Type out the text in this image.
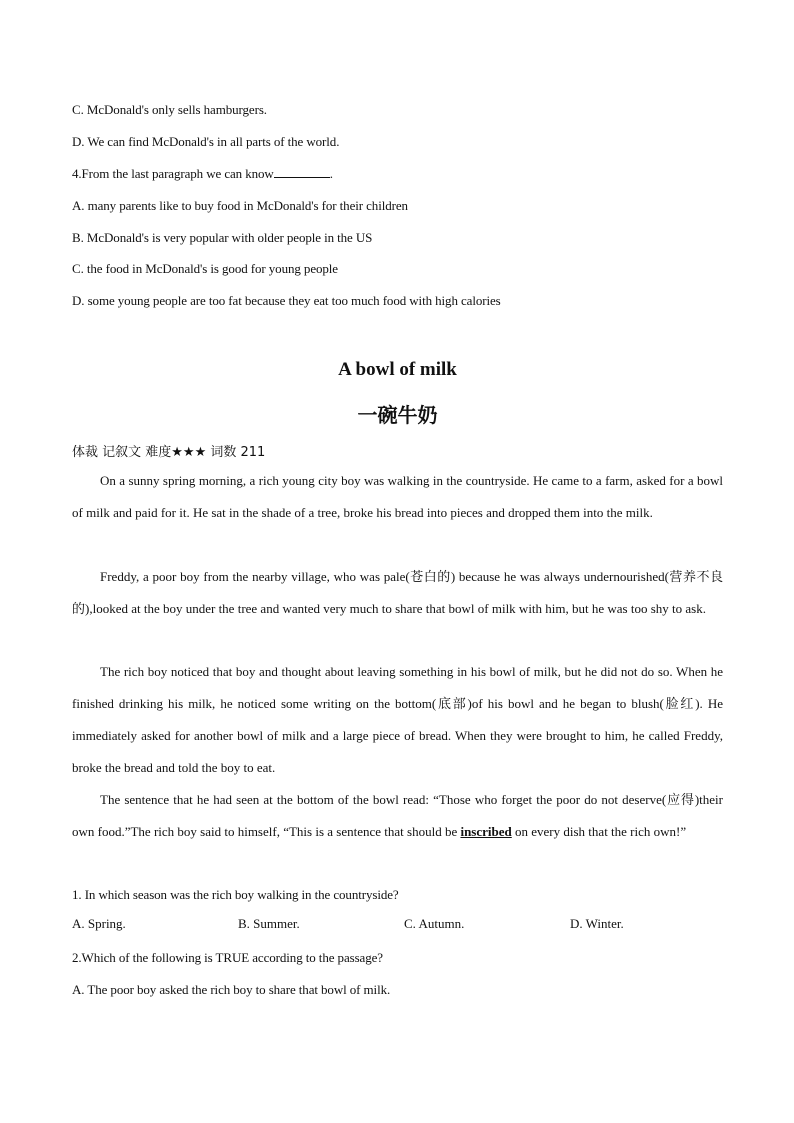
C. McDonald's only sells hamburgers.
D. We can find McDonald's in all parts of the world.
4.From the last paragraph we can know	.
A. many parents like to buy food in McDonald's for their children
B. McDonald's is very popular with older people in the US
C. the food in McDonald's is good for young people
D. some young people are too fat because they eat too much food with high calories
A bowl of milk
一碗牛奶
体裁 记叙文 难度★★★ 词数 211
On a sunny spring morning, a rich young city boy was walking in the countryside. He came to a farm, asked for a bowl of milk and paid for it. He sat in the shade of a tree, broke his bread into pieces and dropped them into the milk.
Freddy, a poor boy from the nearby village, who was pale(苍白的) because he was always undernourished(营养不良的),looked at the boy under the tree and wanted very much to share that bowl of milk with him, but he was too shy to ask.
The rich boy noticed that boy and thought about leaving something in his bowl of milk, but he did not do so. When he finished drinking his milk, he noticed some writing on the bottom(底部)of his bowl and he began to blush(脸红). He immediately asked for another bowl of milk and a large piece of bread. When they were brought to him, he called Freddy, broke the bread and told the boy to eat.
The sentence that he had seen at the bottom of the bowl read: “Those who forget the poor do not deserve(应得)their own food.”The rich boy said to himself, “This is a sentence that should be inscribed on every dish that the rich own!”
1. In which season was the rich boy walking in the countryside?
A. Spring.	B. Summer.	C. Autumn.	D. Winter.
2.Which of the following is TRUE according to the passage?
A. The poor boy asked the rich boy to share that bowl of milk.
